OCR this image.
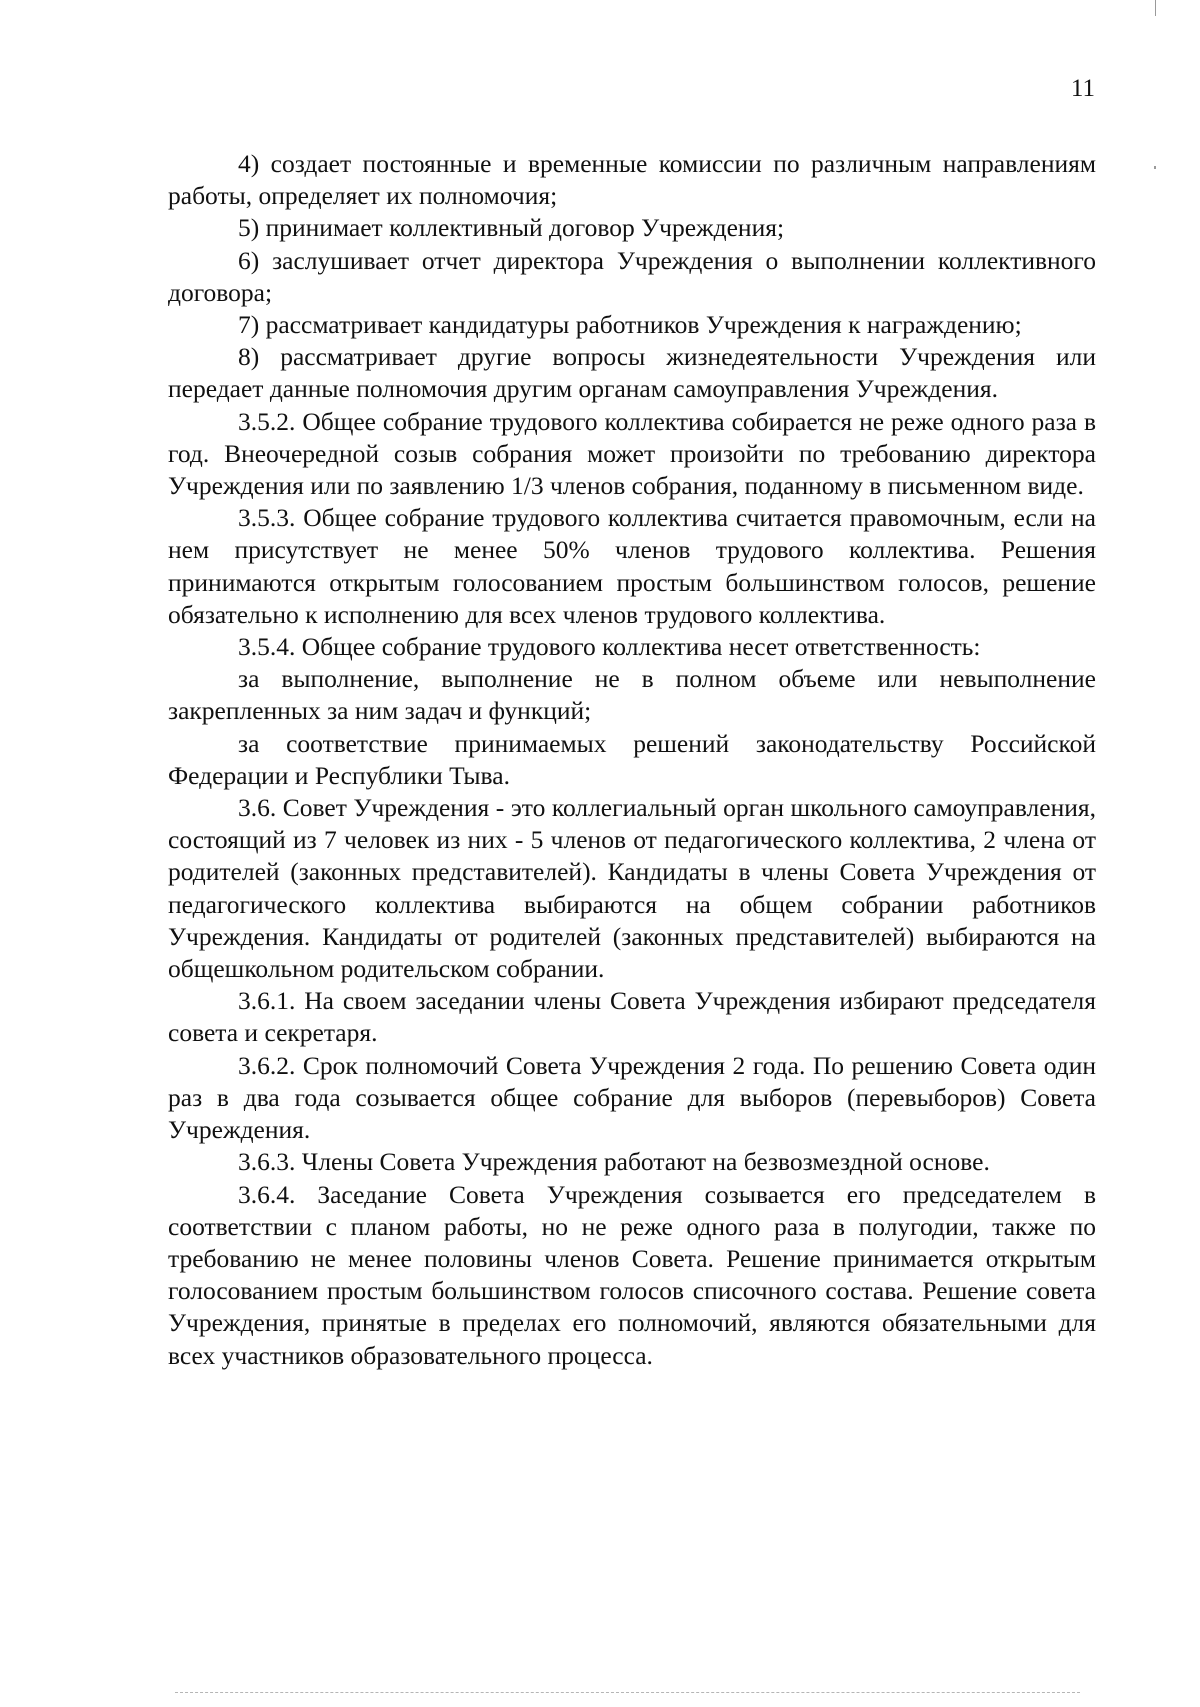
11

4) создает постоянные и временные комиссии по различным направлениям работы, определяет их полномочия;

5) принимает коллективный договор Учреждения;

6) заслушивает отчет директора Учреждения о выполнении коллективного договора;

7) рассматривает кандидатуры работников Учреждения к награждению;

8) рассматривает другие вопросы жизнедеятельности Учреждения или передает данные полномочия другим органам самоуправления Учреждения.

3.5.2. Общее собрание трудового коллектива собирается не реже одного раза в год. Внеочередной созыв собрания может произойти по требованию директора Учреждения или по заявлению 1/3 членов собрания, поданному в письменном виде.

3.5.3. Общее собрание трудового коллектива считается правомочным, если на нем присутствует не менее 50% членов трудового коллектива. Решения принимаются открытым голосованием простым большинством голосов, решение обязательно к исполнению для всех членов трудового коллектива.

3.5.4. Общее собрание трудового коллектива несет ответственность:

за выполнение, выполнение не в полном объеме или невыполнение закрепленных за ним задач и функций;

за соответствие принимаемых решений законодательству Российской Федерации и Республики Тыва.

3.6. Совет Учреждения - это коллегиальный орган школьного самоуправления, состоящий из 7 человек из них - 5 членов от педагогического коллектива, 2 члена от родителей (законных представителей). Кандидаты в члены Совета Учреждения от педагогического коллектива выбираются на общем собрании работников Учреждения. Кандидаты от родителей (законных представителей) выбираются на общешкольном родительском собрании.

3.6.1. На своем заседании члены Совета Учреждения избирают председателя совета и секретаря.

3.6.2. Срок полномочий Совета Учреждения 2 года. По решению Совета один раз в два года созывается общее собрание для выборов (перевыборов) Совета Учреждения.

3.6.3. Члены Совета Учреждения работают на безвозмездной основе.

3.6.4. Заседание Совета Учреждения созывается его председателем в соответствии с планом работы, но не реже одного раза в полугодии, также по требованию не менее половины членов Совета. Решение принимается открытым голосованием простым большинством голосов списочного состава. Решение совета Учреждения, принятые в пределах его полномочий, являются обязательными для всех участников образовательного процесса.
